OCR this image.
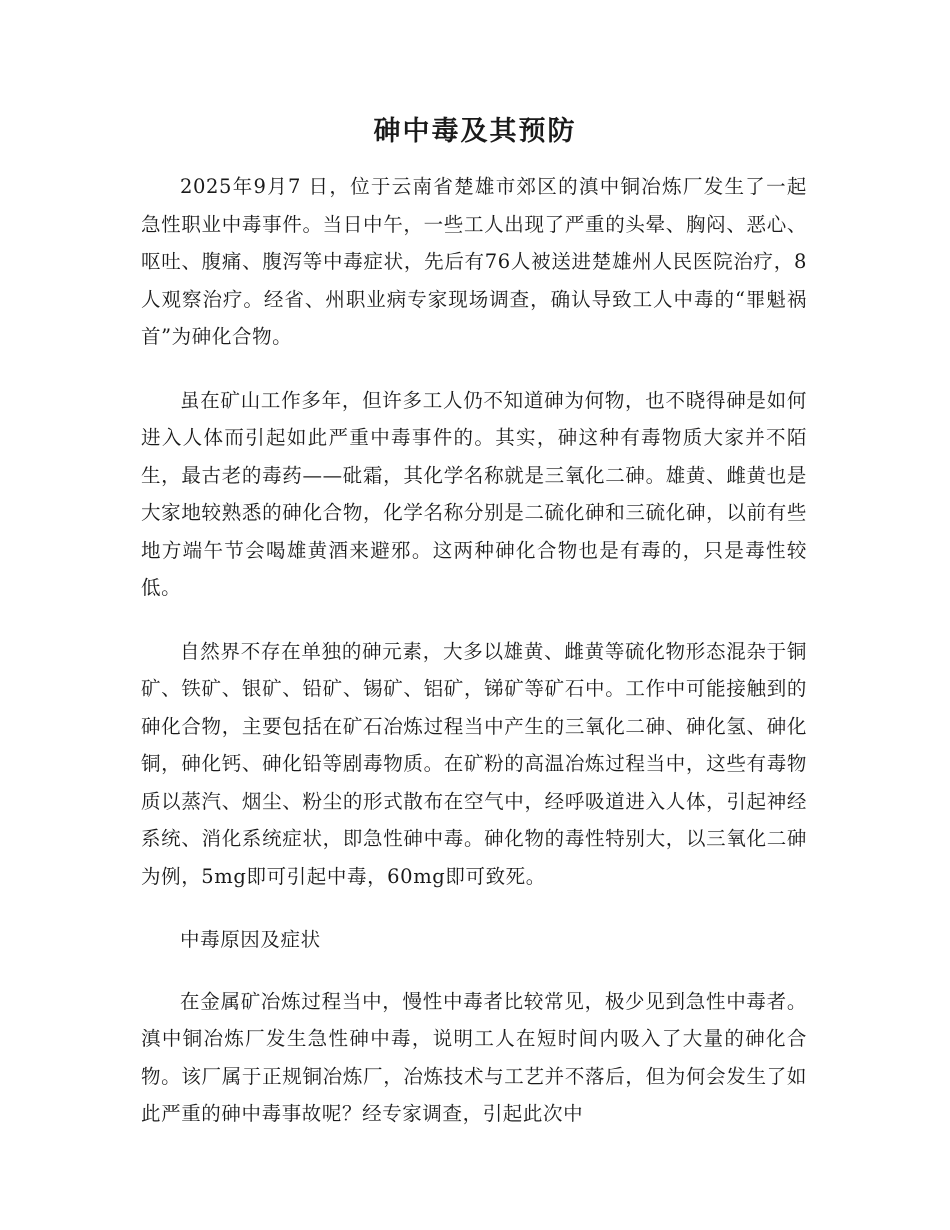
砷中毒及其预防

2025年9月7 日，位于云南省楚雄市郊区的滇中铜冶炼厂发生了一起急性职业中毒事件。当日中午，一些工人出现了严重的头晕、胸闷、恶心、呕吐、腹痛、腹泻等中毒症状，先后有76人被送进楚雄州人民医院治疗，8人观察治疗。经省、州职业病专家现场调查，确认导致工人中毒的“罪魁祸首”为砷化合物。

虽在矿山工作多年，但许多工人仍不知道砷为何物，也不晓得砷是如何进入人体而引起如此严重中毒事件的。其实，砷这种有毒物质大家并不陌生，最古老的毒药——砒霜，其化学名称就是三氧化二砷。雄黄、雌黄也是大家地较熟悉的砷化合物，化学名称分别是二硫化砷和三硫化砷，以前有些地方端午节会喝雄黄酒来避邪。这两种砷化合物也是有毒的，只是毒性较低。

自然界不存在单独的砷元素，大多以雄黄、雌黄等硫化物形态混杂于铜矿、铁矿、银矿、铅矿、锡矿、铝矿，锑矿等矿石中。工作中可能接触到的砷化合物，主要包括在矿石冶炼过程当中产生的三氧化二砷、砷化氢、砷化铜，砷化钙、砷化铅等剧毒物质。在矿粉的高温冶炼过程当中，这些有毒物质以蒸汽、烟尘、粉尘的形式散布在空气中，经呼吸道进入人体，引起神经系统、消化系统症状，即急性砷中毒。砷化物的毒性特别大，以三氧化二砷为例，5mg即可引起中毒，60mg即可致死。

中毒原因及症状

在金属矿冶炼过程当中，慢性中毒者比较常见，极少见到急性中毒者。滇中铜冶炼厂发生急性砷中毒，说明工人在短时间内吸入了大量的砷化合物。该厂属于正规铜冶炼厂，冶炼技术与工艺并不落后，但为何会发生了如此严重的砷中毒事故呢？经专家调查，引起此次中
